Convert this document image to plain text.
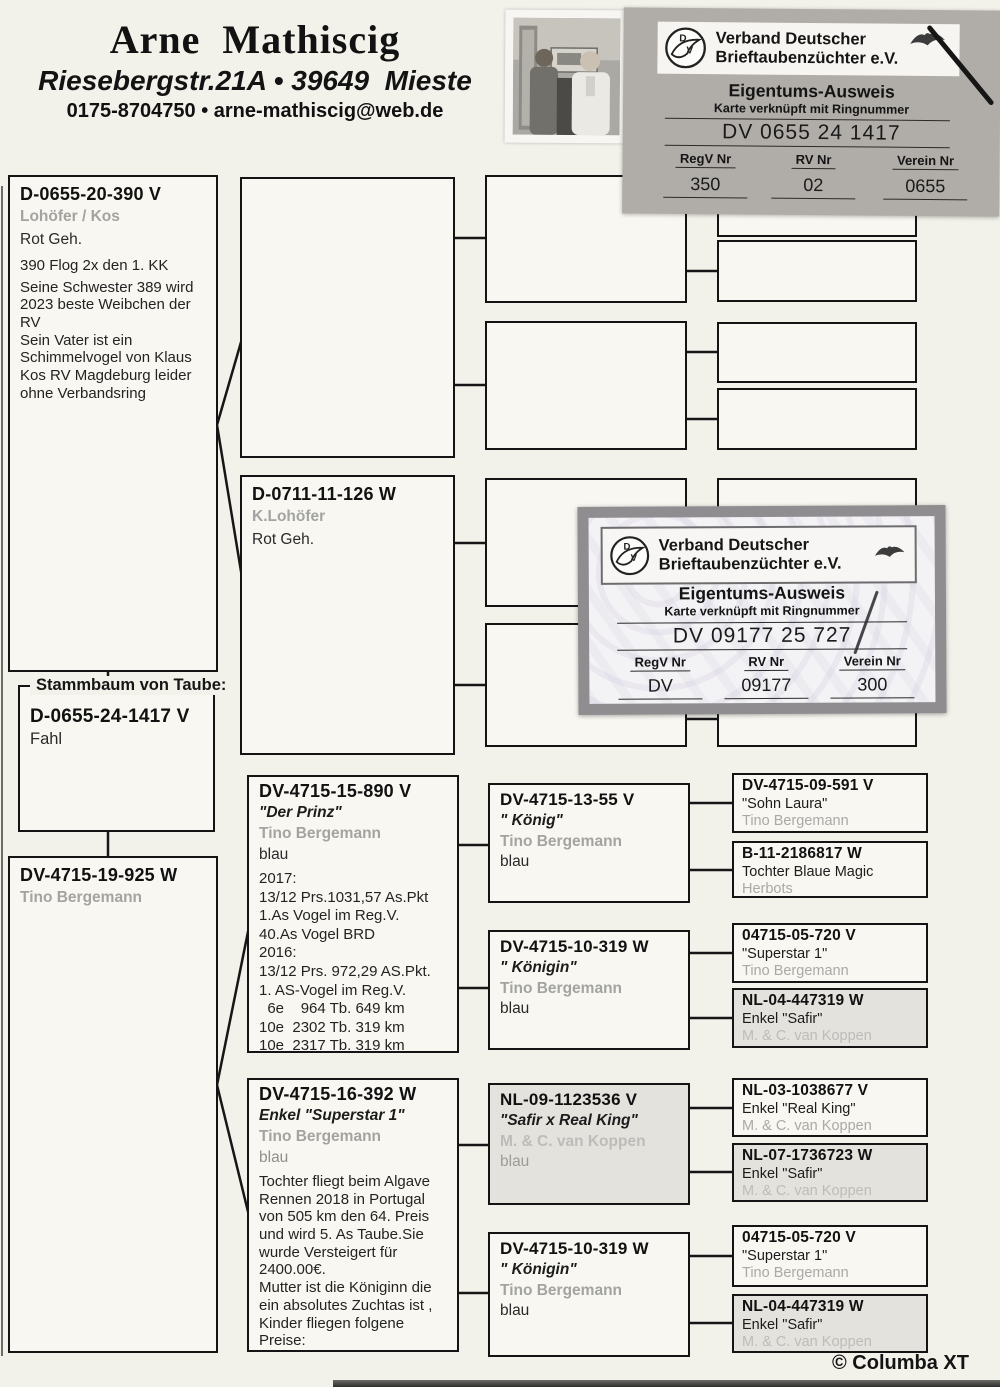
Arne  Mathiscig
Riesebergstr.21A • 39649  Mieste
0175-8704750 • arne-mathiscig@web.de
D-0655-20-390 V
Lohöfer / Kos
Rot Geh.
390 Flog 2x den 1. KK
Seine Schwester 389 wird 2023 beste Weibchen der RV
Sein Vater ist ein Schimmelvogel von Klaus Kos RV Magdeburg leider ohne Verbandsring
Stammbaum von Taube:
D-0655-24-1417 V
Fahl
DV-4715-19-925 W
Tino Bergemann
D-0711-11-126 W
K.Lohöfer
Rot Geh.
DV-4715-15-890 V
"Der Prinz"
Tino Bergemann
blau
2017:
13/12 Prs.1031,57 As.Pkt
1.As Vogel im Reg.V.
40.As Vogel BRD
2016:
13/12 Prs. 972,29 AS.Pkt.
1. AS-Vogel im Reg.V.
6e    964 Tb. 649 km
10e  2302 Tb. 319 km
10e  2317 Tb. 319 km
DV-4715-16-392 W
Enkel "Superstar 1"
Tino Bergemann
blau
Tochter fliegt beim Algave Rennen 2018 in Portugal von 505 km den 64. Preis und wird 5. As Taube.Sie wurde Versteigert für 2400.00€.
Mutter ist die Königinn die ein absolutes Zuchtas ist , Kinder fliegen folgene Preise:
DV-4715-13-55 V
" König"
Tino Bergemann
blau
DV-4715-10-319 W
" Königin"
Tino Bergemann
blau
NL-09-1123536 V
"Safir x Real King"
M. & C. van Koppen
blau
DV-4715-10-319 W
" Königin"
Tino Bergemann
blau
DV-4715-09-591 V
"Sohn Laura"
Tino Bergemann
B-11-2186817 W
Tochter Blaue Magic
Herbots
04715-05-720 V
"Superstar 1"
Tino Bergemann
NL-04-447319 W
Enkel "Safir"
M. & C. van Koppen
NL-03-1038677 V
Enkel "Real King"
M. & C. van Koppen
NL-07-1736723 W
Enkel "Safir"
M. & C. van Koppen
04715-05-720 V
"Superstar 1"
Tino Bergemann
NL-04-447319 W
Enkel "Safir"
M. & C. van Koppen
D
V
Verband Deutscher
Brieftaubenzüchter e.V.
Eigentums-Ausweis
Karte verknüpft mit Ringnummer
DV 0655 24 1417
RegV Nr	RV Nr	Verein Nr
350	02	0655
D
V
Verband Deutscher
Brieftaubenzüchter e.V.
Eigentums-Ausweis
Karte verknüpft mit Ringnummer
DV 09177 25 727
RegV Nr	RV Nr	Verein Nr
DV	09177	300
© Columba XT
